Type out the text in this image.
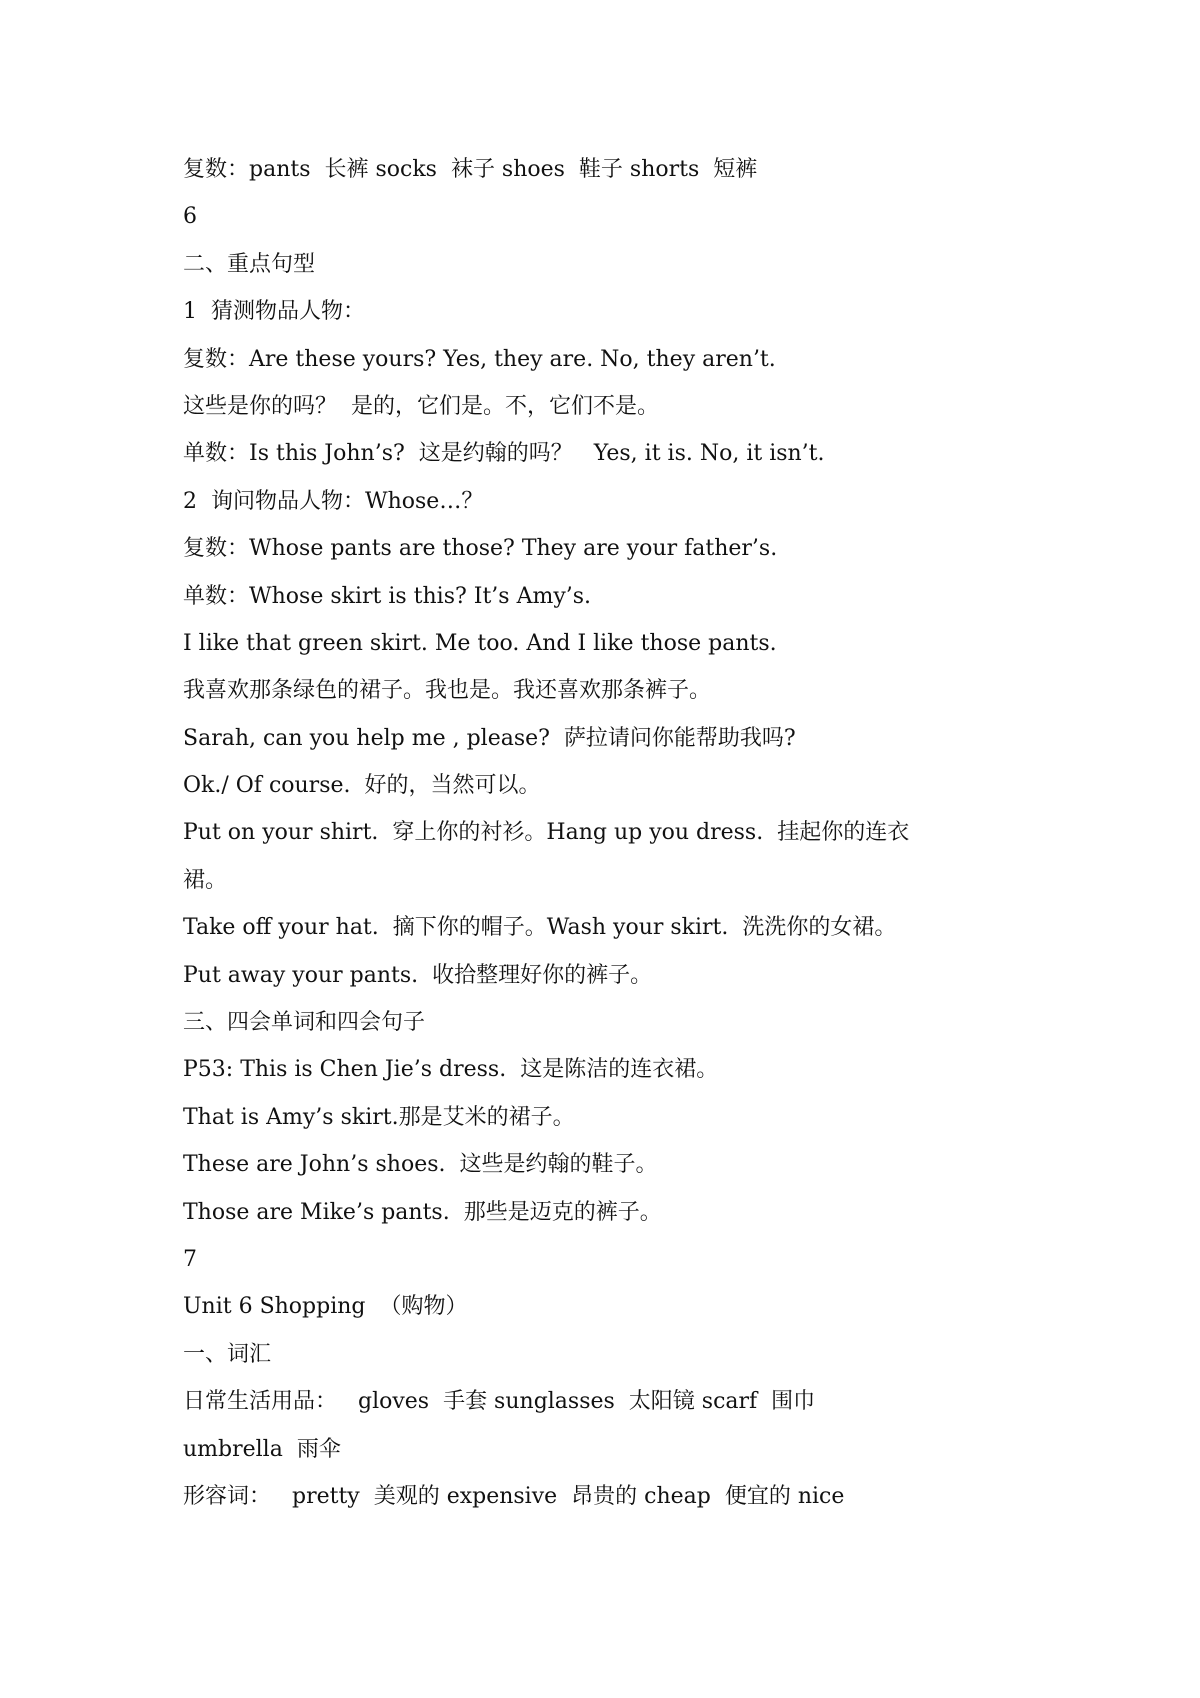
复数：pants  长裤 socks  袜子 shoes  鞋子 shorts  短裤

6

二、重点句型

1  猜测物品人物：

复数：Are these yours? Yes, they are. No, they aren’t.

这些是你的吗？  是的，它们是。不，它们不是。

单数：Is this John’s?  这是约翰的吗？   Yes, it is. No, it isn’t.

2  询问物品人物：Whose…？

复数：Whose pants are those? They are your father’s.

单数：Whose skirt is this? It’s Amy’s.

I like that green skirt. Me too. And I like those pants.

我喜欢那条绿色的裙子。我也是。我还喜欢那条裤子。

Sarah, can you help me , please?  萨拉请问你能帮助我吗?

Ok./ Of course.  好的，当然可以。

Put on your shirt.  穿上你的衬衫。Hang up you dress.  挂起你的连衣

裙。

Take off your hat.  摘下你的帽子。Wash your skirt.  洗洗你的女裙。

Put away your pants.  收拾整理好你的裤子。

三、四会单词和四会句子

P53: This is Chen Jie’s dress.  这是陈洁的连衣裙。

That is Amy’s skirt.那是艾米的裙子。

These are John’s shoes.  这些是约翰的鞋子。

Those are Mike’s pants.  那些是迈克的裤子。

7

Unit 6 Shopping  （购物）

一、词汇

日常生活用品：   gloves  手套 sunglasses  太阳镜 scarf  围巾

umbrella  雨伞

形容词：   pretty  美观的 expensive  昂贵的 cheap  便宜的 nice
